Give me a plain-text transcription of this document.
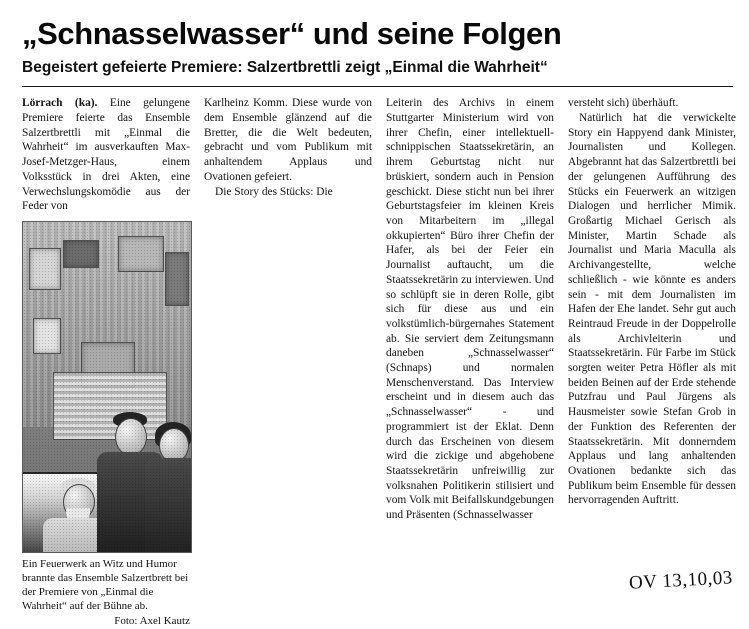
„Schnasselwasser“ und seine Folgen
Begeistert gefeierte Premiere: Salzertbrettli zeigt „Einmal die Wahrheit“

Lörrach (ka). Eine gelungene Premiere feierte das Ensemble Salzertbrettli mit „Einmal die Wahrheit“ im ausverkauften Max-Josef-Metzger-Haus, einem Volksstück in drei Akten, eine Verwechslungskomödie aus der Feder von

Ein Feuerwerk an Witz und Humor brannte das Ensemble Salzertbrett bei der Premiere von „Einmal die Wahrheit“ auf der Bühne ab.
Foto: Axel Kautz

Karlheinz Komm. Diese wurde von dem Ensemble glänzend auf die Bretter, die die Welt bedeuten, gebracht und vom Publikum mit anhaltendem Applaus und Ovationen gefeiert.

Die Story des Stücks: Die

Leiterin des Archivs in einem Stuttgarter Ministerium wird von ihrer Chefin, einer intellektuell-schnippischen Staatssekretärin, an ihrem Geburtstag nicht nur brüskiert, sondern auch in Pension geschickt. Diese sticht nun bei ihrer Geburtstagsfeier im kleinen Kreis von Mitarbeitern im „illegal okkupierten“ Büro ihrer Chefin der Hafer, als bei der Feier ein Journalist auftaucht, um die Staatssekretärin zu interviewen. Und so schlüpft sie in deren Rolle, gibt sich für diese aus und ein volkstümlich-bürgernahes Statement ab. Sie serviert dem Zeitungsmann daneben „Schnasselwasser“ (Schnaps) und normalen Menschenverstand. Das Interview erscheint und in diesem auch das „Schnasselwasser“ - und programmiert ist der Eklat. Denn durch das Erscheinen von diesem wird die zickige und abgehobene Staatssekretärin unfreiwillig zur volksnahen Politikerin stilisiert und vom Volk mit Beifallskundgebungen und Präsenten (Schnasselwasser

versteht sich) überhäuft.

Natürlich hat die verwickelte Story ein Happyend dank Minister, Journalisten und Kollegen. Abgebrannt hat das Salzertbrettli bei der gelungenen Aufführung des Stücks ein Feuerwerk an witzigen Dialogen und herrlicher Mimik. Großartig Michael Gerisch als Minister, Martin Schade als Journalist und Maria Maculla als Archivangestellte, welche schließlich - wie könnte es anders sein - mit dem Journalisten im Hafen der Ehe landet. Sehr gut auch Reintraud Freude in der Doppelrolle als Archivleiterin und Staatssekretärin. Für Farbe im Stück sorgten weiter Petra Höfler als mit beiden Beinen auf der Erde stehende Putzfrau und Paul Jürgens als Hausmeister sowie Stefan Grob in der Funktion des Referenten der Staatssekretärin. Mit donnerndem Applaus und lang anhaltenden Ovationen bedankte sich das Publikum beim Ensemble für dessen hervorragenden Auftritt.

OV 13,10,03
